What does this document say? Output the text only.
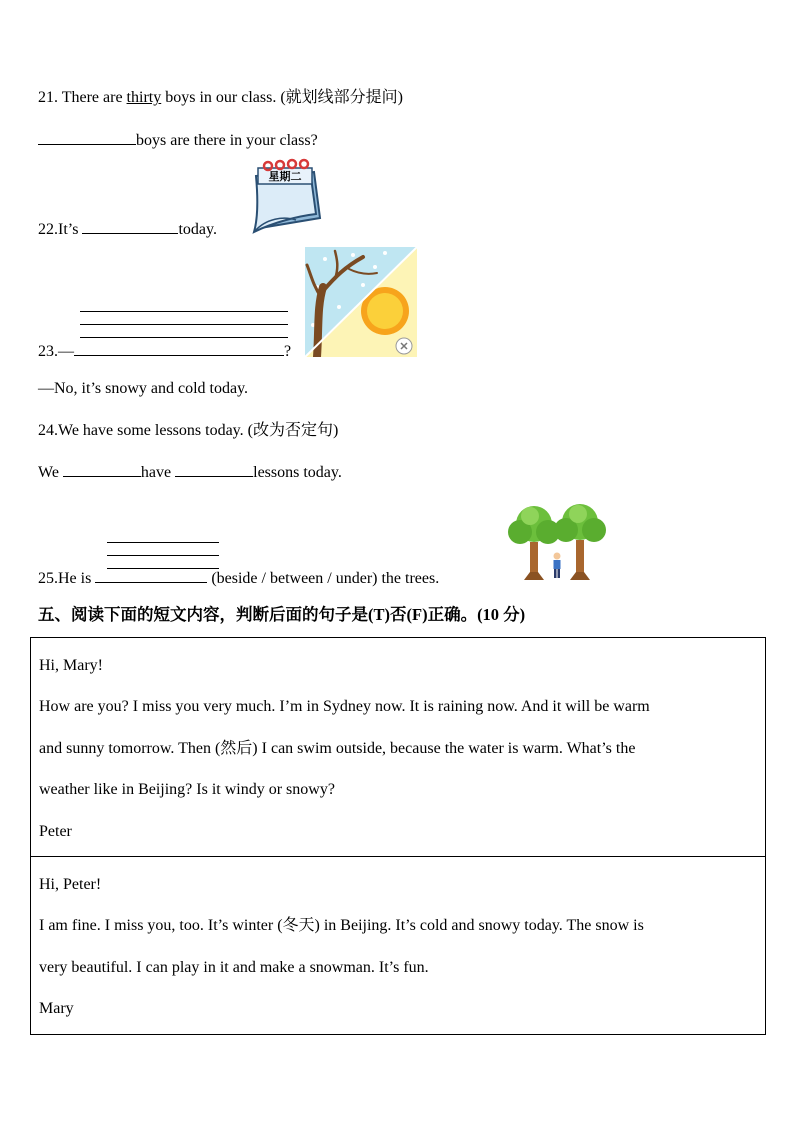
21. There are thirty boys in our class. (就划线部分提问)
boys are there in your class?
22.It’s	today.
星期二
23.—	?
—No, it’s snowy and cold today.
24.We have some lessons today. (改为否定句)
We	have	lessons today.
25.He is	(beside / between / under) the trees.
五、阅读下面的短文内容，判断后面的句子是(T)否(F)正确。(10 分)
Hi, Mary!
How are you? I miss you very much. I’m in Sydney now. It is raining now. And it will be warm
and sunny tomorrow. Then (然后) I can swim outside, because the water is warm. What’s the
weather like in Beijing? Is it windy or snowy?
Peter
Hi, Peter!
I am fine. I miss you, too. It’s winter (冬天) in Beijing. It’s cold and snowy today. The snow is
very beautiful. I can play in it and make a snowman. It’s fun.
Mary
